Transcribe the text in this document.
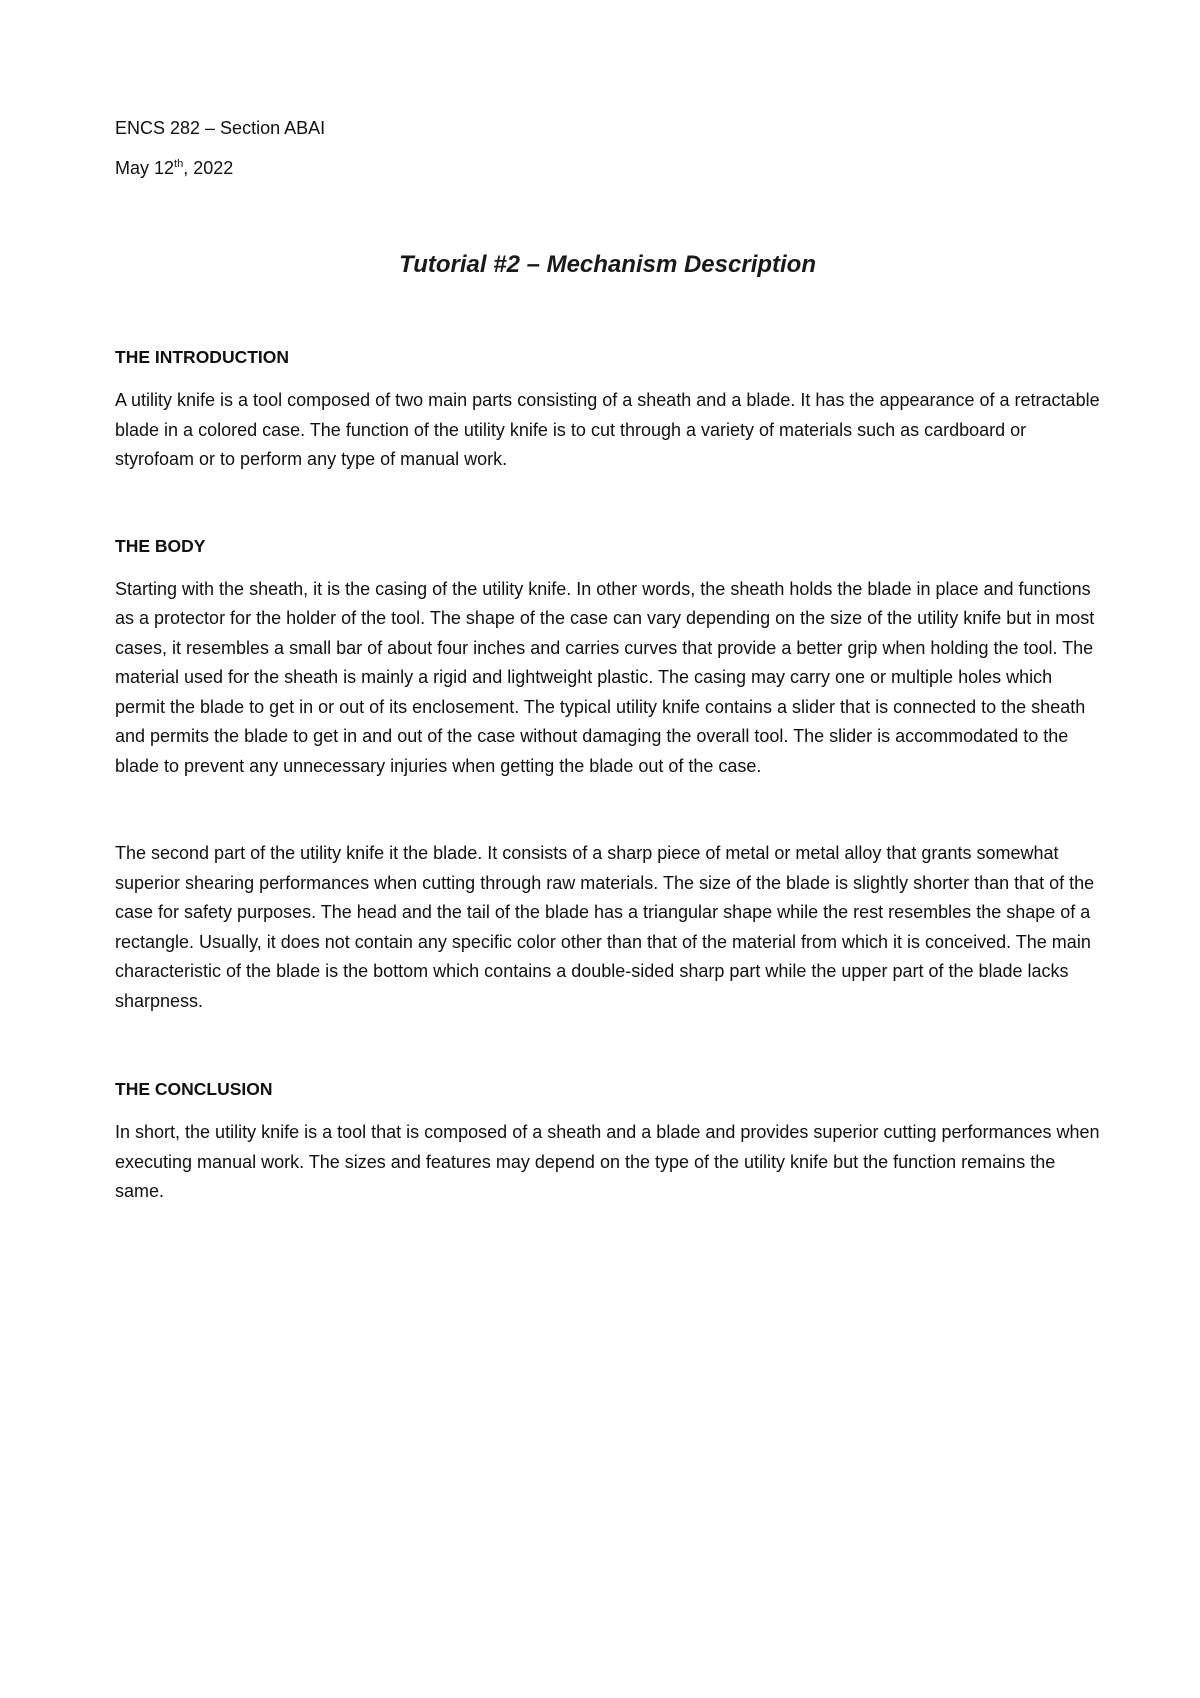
ENCS 282 – Section ABAI

May 12th, 2022

Tutorial #2 – Mechanism Description
THE INTRODUCTION

A utility knife is a tool composed of two main parts consisting of a sheath and a blade. It has the appearance of a retractable blade in a colored case. The function of the utility knife is to cut through a variety of materials such as cardboard or styrofoam or to perform any type of manual work.

THE BODY

Starting with the sheath, it is the casing of the utility knife. In other words, the sheath holds the blade in place and functions as a protector for the holder of the tool. The shape of the case can vary depending on the size of the utility knife but in most cases, it resembles a small bar of about four inches and carries curves that provide a better grip when holding the tool. The material used for the sheath is mainly a rigid and lightweight plastic. The casing may carry one or multiple holes which permit the blade to get in or out of its enclosement. The typical utility knife contains a slider that is connected to the sheath and permits the blade to get in and out of the case without damaging the overall tool. The slider is accommodated to the blade to prevent any unnecessary injuries when getting the blade out of the case.

The second part of the utility knife it the blade. It consists of a sharp piece of metal or metal alloy that grants somewhat superior shearing performances when cutting through raw materials. The size of the blade is slightly shorter than that of the case for safety purposes. The head and the tail of the blade has a triangular shape while the rest resembles the shape of a rectangle. Usually, it does not contain any specific color other than that of the material from which it is conceived. The main characteristic of the blade is the bottom which contains a double-sided sharp part while the upper part of the blade lacks sharpness.

THE CONCLUSION

In short, the utility knife is a tool that is composed of a sheath and a blade and provides superior cutting performances when executing manual work. The sizes and features may depend on the type of the utility knife but the function remains the same.
